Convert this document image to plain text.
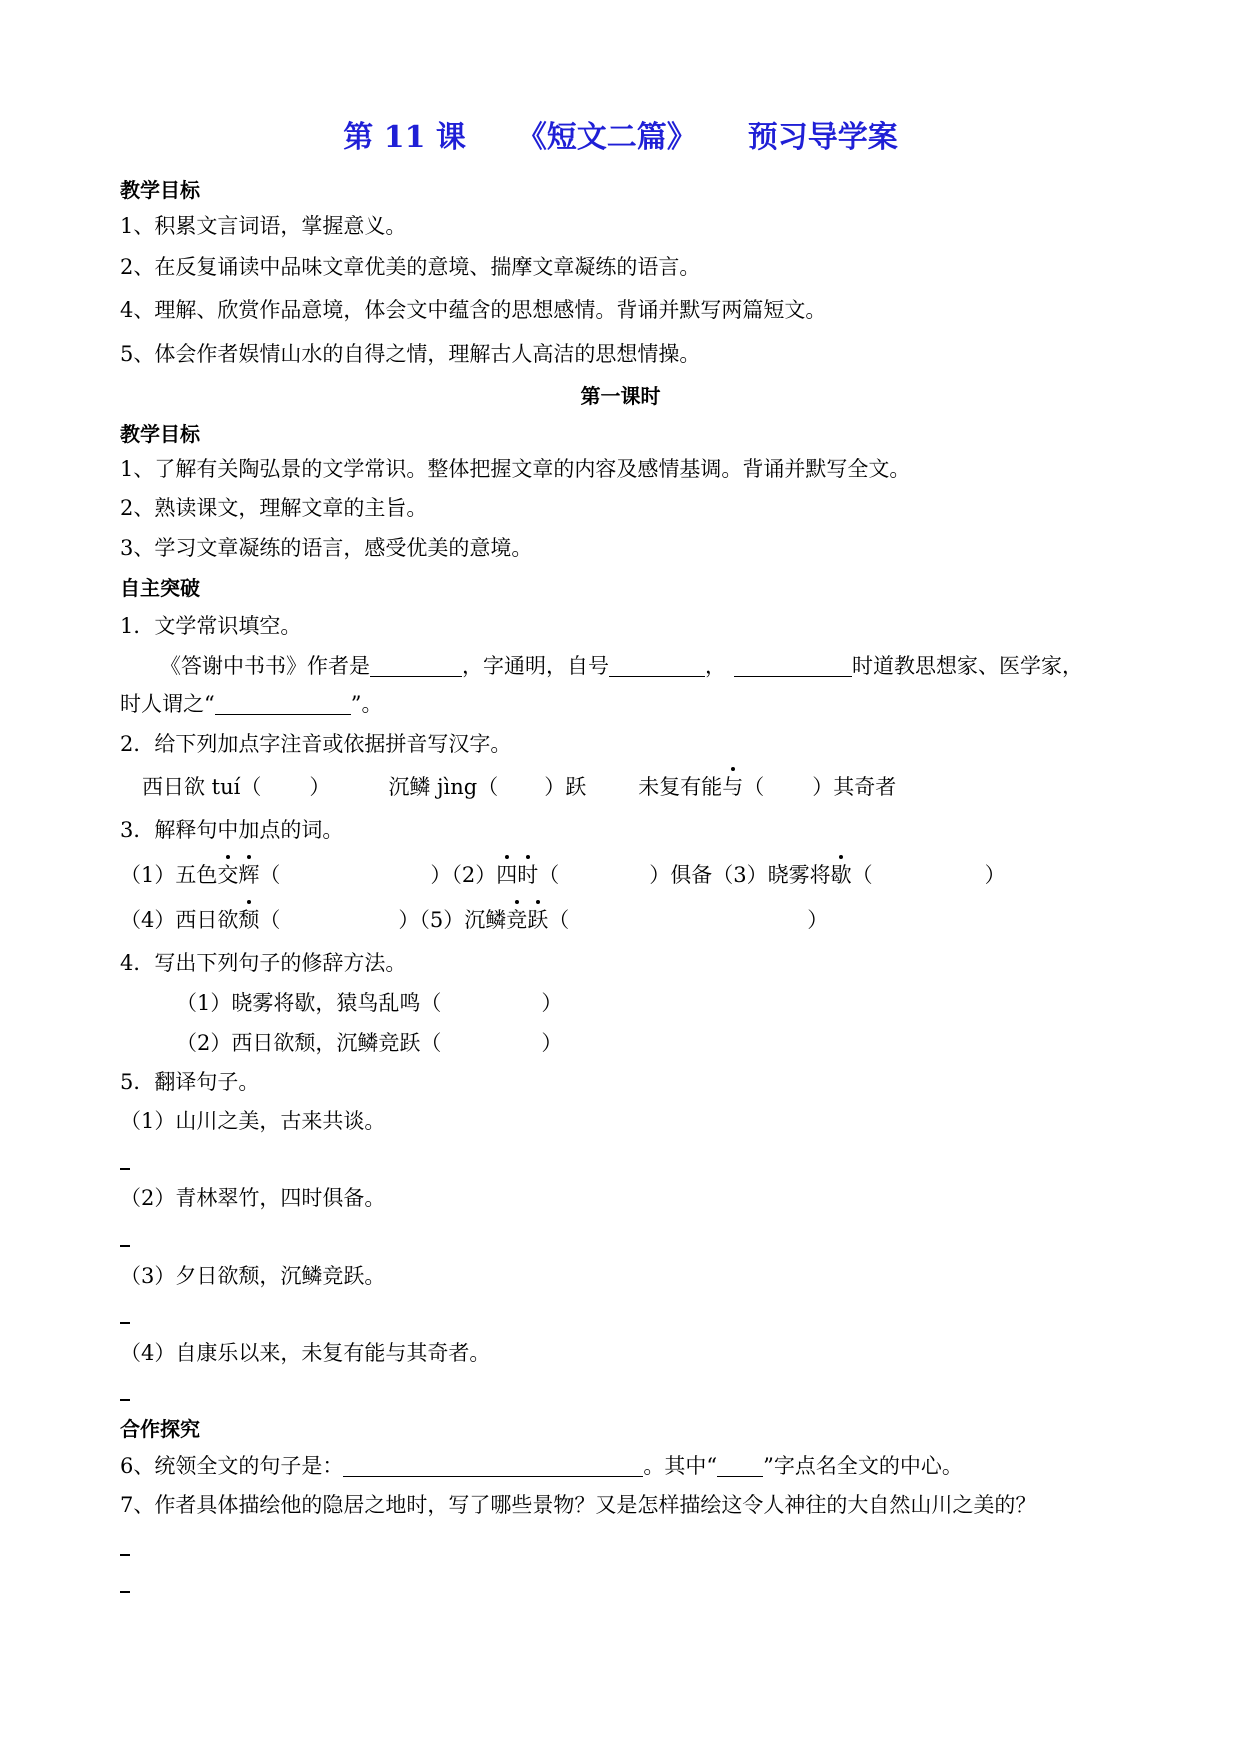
第 11 课 《短文二篇》 预习导学案
教学目标
1、积累文言词语，掌握意义。
2、在反复诵读中品味文章优美的意境、揣摩文章凝练的语言。
4、理解、欣赏作品意境，体会文中蕴含的思想感情。背诵并默写两篇短文。
5、体会作者娱情山水的自得之情，理解古人高洁的思想情操。
第一课时
教学目标
1、了解有关陶弘景的文学常识。整体把握文章的内容及感情基调。背诵并默写全文。
2、熟读课文，理解文章的主旨。
3、学习文章凝练的语言，感受优美的意境。
自主突破
1．文学常识填空。
《答谢中书书》作者是	，字通明，自号	，	时道教思想家、医学家，
时人谓之“	”。
2．给下列加点字注音或依据拼音写汉字。
西日欲 tuí（ ）	沉鳞 jìng（ ）跃 未复有能与（ ）其奇者
3．解释句中加点的词。
（1）五色交辉（	）（2）四时（	）俱备（3）晓雾将歇（	）
（4）西日欲颓（	）（5）沉鳞竞跃（	）
4．写出下列句子的修辞方法。
（1）晓雾将歇，猿鸟乱鸣（	）
（2）西日欲颓，沉鳞竞跃（	）
5．翻译句子。
（1）山川之美，古来共谈。
（2）青林翠竹，四时俱备。
（3）夕日欲颓，沉鳞竞跃。
（4）自康乐以来，未复有能与其奇者。
合作探究
6、统领全文的句子是：	。其中“ ”字点名全文的中心。
7、作者具体描绘他的隐居之地时，写了哪些景物？又是怎样描绘这令人神往的大自然山川之美的？
